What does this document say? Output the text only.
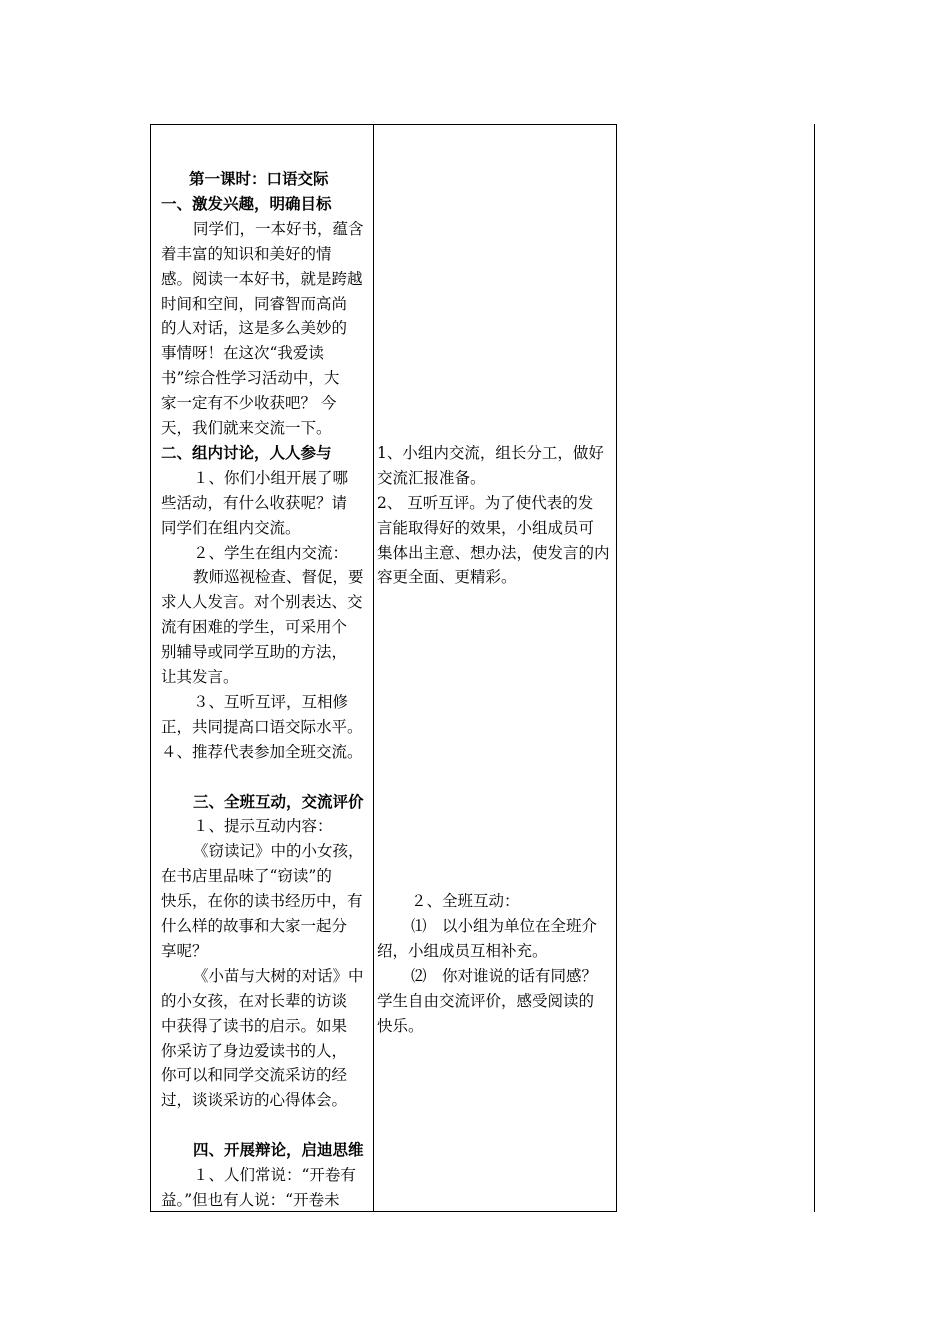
第一课时：口语交际
一、激发兴趣，明确目标
同学们，一本好书，蕴含
着丰富的知识和美好的情
感。阅读一本好书，就是跨越
时间和空间，同睿智而高尚
的人对话，这是多么美妙的
事情呀！在这次“我爱读
书”综合性学习活动中，大
家一定有不少收获吧？ 今
天，我们就来交流一下。
二、组内讨论，人人参与
１、你们小组开展了哪
些活动，有什么收获呢？请
同学们在组内交流。
２、学生在组内交流：
教师巡视检查、督促，要
求人人发言。对个别表达、交
流有困难的学生，可采用个
别辅导或同学互助的方法，
让其发言。
３、互听互评，互相修
正，共同提高口语交际水平。
４、推荐代表参加全班交流。
三、全班互动，交流评价
１、提示互动内容：
《窃读记》中的小女孩，
在书店里品味了“窃读”的
快乐，在你的读书经历中，有
什么样的故事和大家一起分
享呢？
《小苗与大树的对话》中
的小女孩，在对长辈的访谈
中获得了读书的启示。如果
你采访了身边爱读书的人，
你可以和同学交流采访的经
过，谈谈采访的心得体会。
四、开展辩论，启迪思维
１、人们常说：“开卷有
益。”但也有人说：“开卷未
1、小组内交流，组长分工，做好
交流汇报准备。
2、 互听互评。为了使代表的发
言能取得好的效果，小组成员可
集体出主意、想办法，使发言的内
容更全面、更精彩。
２、全班互动：
⑴　以小组为单位在全班介
绍，小组成员互相补充。
⑵　你对谁说的话有同感？
学生自由交流评价，感受阅读的
快乐。
